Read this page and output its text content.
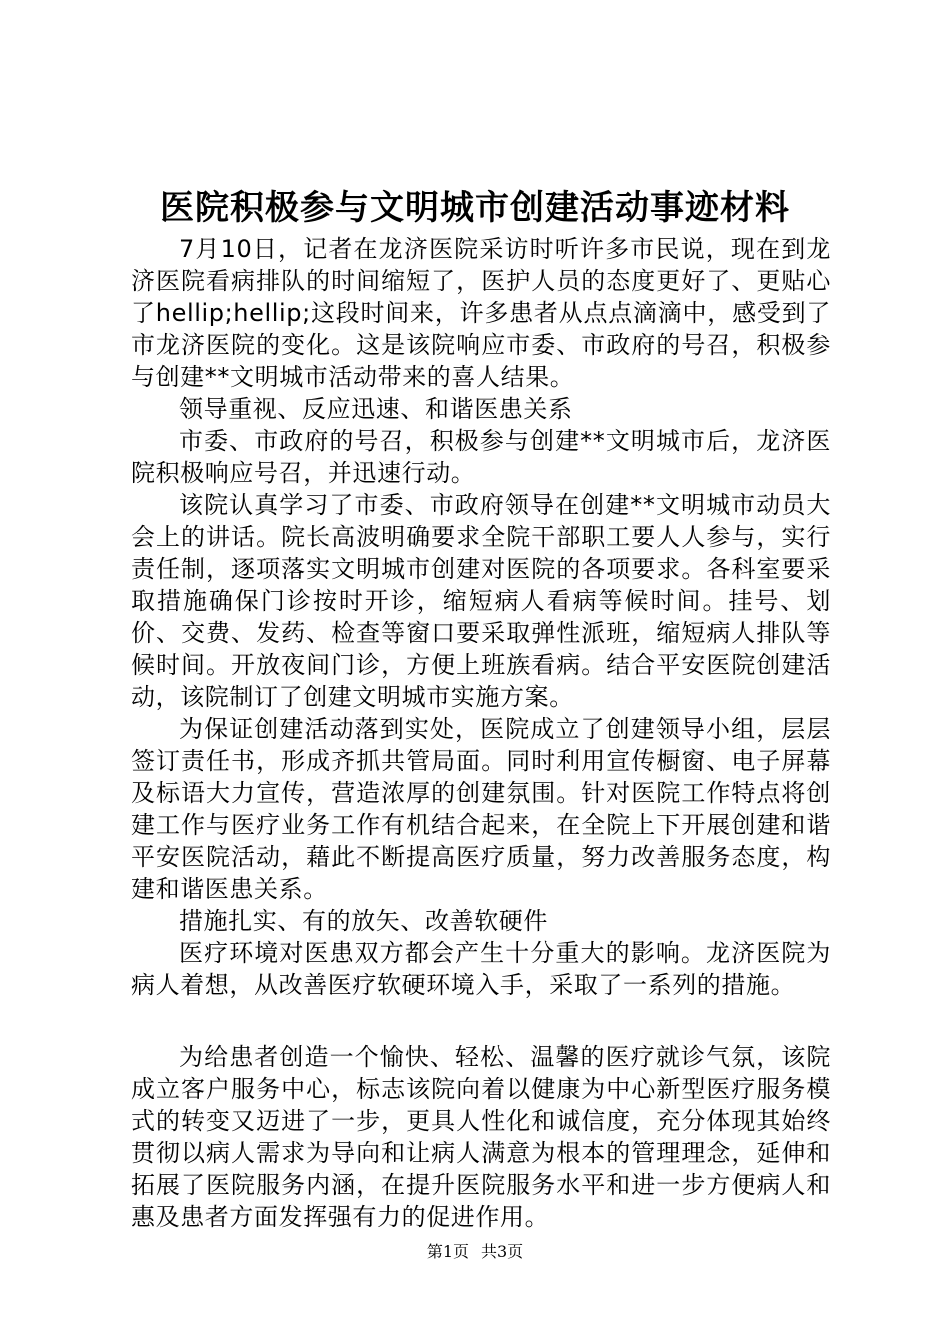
医院积极参与文明城市创建活动事迹材料

7月10日，记者在龙济医院采访时听许多市民说，现在到龙济医院看病排队的时间缩短了，医护人员的态度更好了、更贴心了hellip;hellip;这段时间来，许多患者从点点滴滴中，感受到了市龙济医院的变化。这是该院响应市委、市政府的号召，积极参与创建**文明城市活动带来的喜人结果。

领导重视、反应迅速、和谐医患关系

市委、市政府的号召，积极参与创建**文明城市后，龙济医院积极响应号召，并迅速行动。

该院认真学习了市委、市政府领导在创建**文明城市动员大会上的讲话。院长高波明确要求全院干部职工要人人参与，实行责任制，逐项落实文明城市创建对医院的各项要求。各科室要采取措施确保门诊按时开诊，缩短病人看病等候时间。挂号、划价、交费、发药、检查等窗口要采取弹性派班，缩短病人排队等候时间。开放夜间门诊，方便上班族看病。结合平安医院创建活动，该院制订了创建文明城市实施方案。

为保证创建活动落到实处，医院成立了创建领导小组，层层签订责任书，形成齐抓共管局面。同时利用宣传橱窗、电子屏幕及标语大力宣传，营造浓厚的创建氛围。针对医院工作特点将创建工作与医疗业务工作有机结合起来，在全院上下开展创建和谐平安医院活动，藉此不断提高医疗质量，努力改善服务态度，构建和谐医患关系。

措施扎实、有的放矢、改善软硬件

医疗环境对医患双方都会产生十分重大的影响。龙济医院为病人着想，从改善医疗软硬环境入手，采取了一系列的措施。

为给患者创造一个愉快、轻松、温馨的医疗就诊气氛，该院成立客户服务中心，标志该院向着以健康为中心新型医疗服务模式的转变又迈进了一步，更具人性化和诚信度，充分体现其始终贯彻以病人需求为导向和让病人满意为根本的管理理念，延伸和拓展了医院服务内涵，在提升医院服务水平和进一步方便病人和惠及患者方面发挥强有力的促进作用。

第1页 共3页
